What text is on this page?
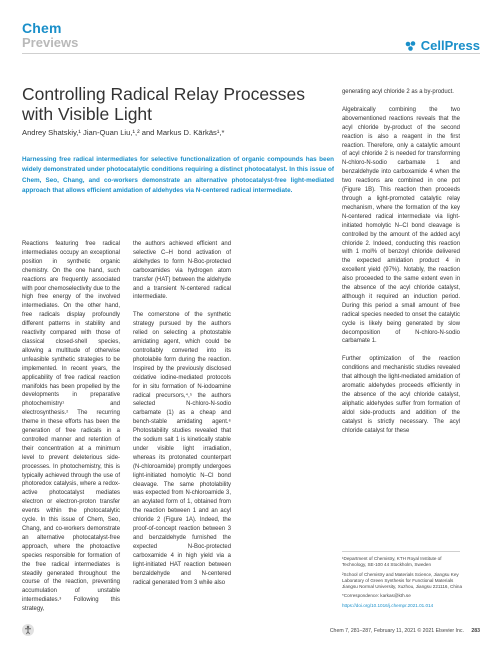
Chem
Previews	CellPress
Controlling Radical Relay Processes with Visible Light
Andrey Shatskiy,¹ Jian-Quan Liu,¹,² and Markus D. Kärkäs¹,*
Harnessing free radical intermediates for selective functionalization of organic compounds has been widely demonstrated under photocatalytic conditions requiring a distinct photocatalyst. In this issue of Chem, Seo, Chang, and co-workers demonstrate an alternative photocatalyst-free light-mediated approach that allows efficient amidation of aldehydes via N-centered radical intermediate.

Reactions featuring free radical intermediates occupy an exceptional position in synthetic organic chemistry. On the one hand, such reactions are frequently associated with poor chemoselectivity due to the high free energy of the involved intermediates. On the other hand, free radicals display profoundly different patterns in stability and reactivity compared with those of classical closed-shell species, allowing a multitude of otherwise unfeasible synthetic strategies to be implemented. In recent years, the applicability of free radical reaction manifolds has been propelled by the developments in preparative photochemistry¹ and electrosynthesis.² The recurring theme in these efforts has been the generation of free radicals in a controlled manner and retention of their concentration at a minimum level to prevent deleterious side-processes. In photochemistry, this is typically achieved through the use of photoredox catalysis, where a redox-active photocatalyst mediates electron or electron-proton transfer events within the photocatalytic cycle. In this issue of Chem, Seo, Chang, and co-workers demonstrate an alternative photocatalyst-free approach, where the photoactive species responsible for formation of the free radical intermediates is steadily generated throughout the course of the reaction, preventing accumulation of unstable intermediates.³ Following this strategy,

the authors achieved efficient and selective C–H bond activation of aldehydes to form N-Boc-protected carboxamides via hydrogen atom transfer (HAT) between the aldehyde and a transient N-centered radical intermediate.

The cornerstone of the synthetic strategy pursued by the authors relied on selecting a photostable amidating agent, which could be controllably converted into its photolabile form during the reaction. Inspired by the previously disclosed oxidative iodine-mediated protocols for in situ formation of N-iodoamine radical precursors,⁴,⁵ the authors selected N-chloro-N-sodio carbamate (1) as a cheap and bench-stable amidating agent.⁶ Photostability studies revealed that the sodium salt 1 is kinetically stable under visible light irradiation, whereas its protonated counterpart (N-chloroamide) promptly undergoes light-initiated homolytic N–Cl bond cleavage. The same photolability was expected from N-chloroamide 3, an acylated form of 1, obtained from the reaction between 1 and an acyl chloride 2 (Figure 1A). Indeed, the proof-of-concept reaction between 3 and benzaldehyde furnished the expected N-Boc-protected carboxamide 4 in high yield via a light-initiated HAT reaction between benzaldehyde and N-centered radical generated from 3 while also

generating acyl chloride 2 as a by-product.

Algebraically combining the two abovementioned reactions reveals that the acyl chloride by-product of the second reaction is also a reagent in the first reaction. Therefore, only a catalytic amount of acyl chloride 2 is needed for transforming N-chloro-N-sodio carbamate 1 and benzaldehyde into carboxamide 4 when the two reactions are combined in one pot (Figure 1B). This reaction then proceeds through a light-promoted catalytic relay mechanism, where the formation of the key N-centered radical intermediate via light-initiated homolytic N–Cl bond cleavage is controlled by the amount of the added acyl chloride 2. Indeed, conducting this reaction with 1 mol% of benzoyl chloride delivered the expected amidation product 4 in excellent yield (97%). Notably, the reaction also proceeded to the same extent even in the absence of the acyl chloride catalyst, although it required an induction period. During this period a small amount of free radical species needed to onset the catalytic cycle is likely being generated by slow decomposition of N-chloro-N-sodio carbamate 1.

Further optimization of the reaction conditions and mechanistic studies revealed that although the light-mediated amidation of aromatic aldehydes proceeds efficiently in the absence of the acyl chloride catalyst, aliphatic aldehydes suffer from formation of aldol side-products and addition of the catalyst is strictly necessary. The acyl chloride catalyst for these

¹Department of Chemistry, KTH Royal Institute of Technology, SE-100 44 Stockholm, Sweden
²School of Chemistry and Materials Science, Jiangsu Key Laboratory of Green Synthesis for Functional Materials Jiangsu Normal University, Xuzhou, Jiangsu 221116, China
*Correspondence: karkas@kth.se
https://doi.org/10.1016/j.chempr.2021.01.014
Chem 7, 281–287, February 11, 2021 © 2021 Elsevier Inc. 283
